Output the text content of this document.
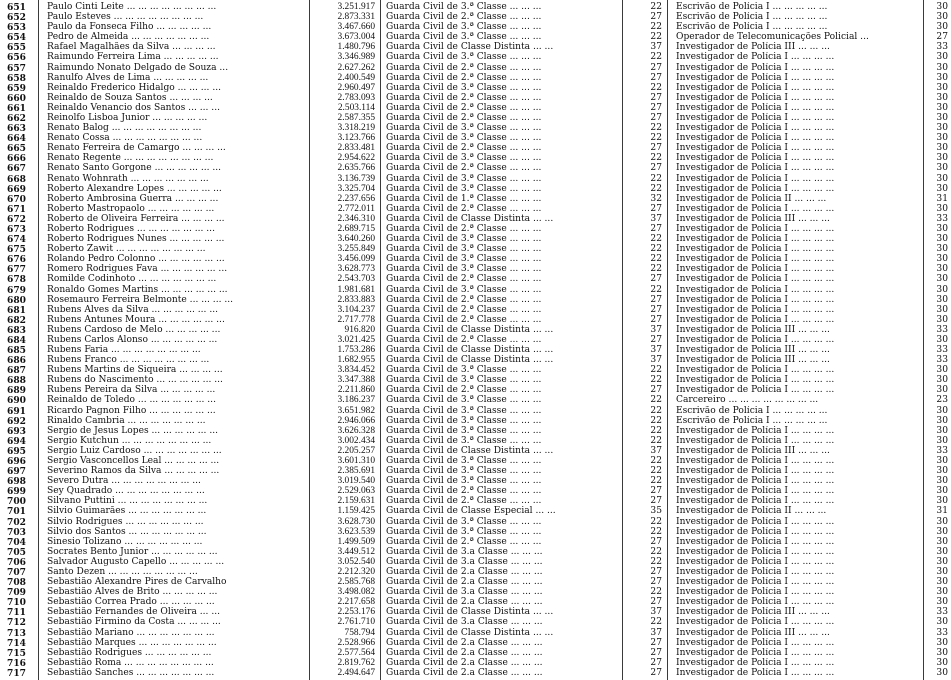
651 Paulo Cinti Leite ... ... ... ... ... ... ... ...	3.251.917 Guarda Civil de 3.ª Classe ... ... ...	22 Escrivão de Polícia I ... ... ... ... ...	30
652 Paulo Esteves ... ... ... ... ... ... ... ...	2.873.331 Guarda Civil de 2.ª Classe ... ... ...	27 Escrivão de Polícia I ... ... ... ... ...	30
653 Paulo da Fonseca Filho ... ... ... ... ...	3.467.660 Guarda Civil de 3.ª Classe ... ... ...	22 Escrivão de Polícia I ... ... ... ... ...	30
654 Pedro de Almeida ... ... ... ... ... ... ...	3.673.004 Guarda Civil de 3.ª Classe ... ... ...	22 Operador de Telecomunicações Policial ...	27
655 Rafael Magalhães da Silva ... ... ... ...	1.480.796 Guarda Civil de Classe Distinta ... ...	37 Investigador de Polícia III ... ... ...	33
656 Raimundo Ferreira Lima ... ... ... ... ...	3.346.989 Guarda Civil de 3.ª Classe ... ... ...	22 Investigador de Polícia I ... ... ... ...	30
657 Raimundo Nonato Delgado de Souza ...	2.627.262 Guarda Civil de 2.ª Classe ... ... ...	27 Investigador de Polícia I ... ... ... ...	30
658 Ranulfo Alves de Lima ... ... ... ... ...	2.400.549 Guarda Civil de 2.ª Classe ... ... ...	27 Investigador de Polícia I ... ... ... ...	30
659 Reinaldo Frederico Hidalgo ... ... ... ...	2.960.497 Guarda Civil de 3.ª Classe ... ... ...	22 Investigador de Polícia I ... ... ... ...	30
660 Reinaldo de Souza Santos ... ... ... ...	2.783.093 Guarda Civil de 2.ª Classe ... ... ...	27 Investigador de Polícia I ... ... ... ...	30
661 Reinaldo Venancio dos Santos ... ... ...	2.503.114 Guarda Civil de 2.ª Classe ... ... ...	27 Investigador de Polícia I ... ... ... ...	30
662 Reinolfo Lisboa Junior ... ... ... ... ...	2.587.355 Guarda Civil de 2.ª Classe ... ... ...	27 Investigador de Polícia I ... ... ... ...	30
663 Renato Balog ... ... ... ... ... ... ... ...	3.318.219 Guarda Civil de 3.ª Classe ... ... ...	22 Investigador de Polícia I ... ... ... ...	30
664 Renato Cossa ... ... ... ... ... ... ... ...	3.123.766 Guarda Civil de 3.ª Classe ... ... ...	22 Investigador de Polícia I ... ... ... ...	30
665 Renato Ferreira de Camargo ... ... ... ...	2.833.481 Guarda Civil de 2.ª Classe ... ... ...	27 Investigador de Polícia I ... ... ... ...	30
666 Renato Regente ... ... ... ... ... ... ... ...	2.954.622 Guarda Civil de 3.ª Classe ... ... ...	22 Investigador de Polícia I ... ... ... ...	30
667 Renato Santo Gorgone ... ... ... ... ... ...	2.635.766 Guarda Civil de 2.ª Classe ... ... ...	27 Investigador de Polícia I ... ... ... ...	30
668 Renato Wohnrath ... ... ... ... ... ... ...	3.136.739 Guarda Civil de 3.ª Classe ... ... ...	22 Investigador de Polícia I ... ... ... ...	30
669 Roberto Alexandre Lopes ... ... ... ... ...	3.325.704 Guarda Civil de 3.ª Classe ... ... ...	22 Investigador de Polícia I ... ... ... ...	30
670 Roberto Ambrosina Guerra ... ... ... ...	2.237.656 Guarda Civil de 1.ª Classe ... ... ...	32 Investigador de Polícia II ... ... ...	31
671 Roberto Mastropaolo ... ... ... ... ... ...	2.772.011 Guarda Civil de 2.ª Classe ... ... ...	27 Investigador de Polícia I ... ... ... ...	30
672 Roberto de Oliveira Ferreira ... ... ... ...	2.346.310 Guarda Civil de Classe Distinta ... ...	37 Investigador de Polícia III ... ... ...	33
673 Roberto Rodrigues ... ... ... ... ... ... ...	2.689.715 Guarda Civil de 2.ª Classe ... ... ...	27 Investigador de Polícia I ... ... ... ...	30
674 Roberto Rodrigues Nunes ... ... ... ... ...	3.640.260 Guarda Civil de 3.ª Classe ... ... ...	22 Investigador de Polícia I ... ... ... ...	30
675 Roberto Zawit ... ... ... ... ... ... ... ...	3.255.849 Guarda Civil de 3.ª Classe ... ... ...	22 Investigador de Polícia I ... ... ... ...	30
676 Rolando Pedro Colonno ... ... ... ... ... ...	3.456.099 Guarda Civil de 3.ª Classe ... ... ...	22 Investigador de Polícia I ... ... ... ...	30
677 Romero Rodrigues Fava ... ... ... ... ... ...	3.628.773 Guarda Civil de 3.ª Classe ... ... ...	22 Investigador de Polícia I ... ... ... ...	30
678 Romilde Codinhoto ... ... ... ... ... ... ...	2.543.703 Guarda Civil de 2.ª Classe ... ... ...	27 Investigador de Polícia I ... ... ... ...	30
679 Ronaldo Gomes Martins ... ... ... ... ... ...	1.981.681 Guarda Civil de 3.ª Classe ... ... ...	22 Investigador de Polícia I ... ... ... ...	30
680 Rosemauro Ferreira Belmonte ... ... ... ...	2.833.883 Guarda Civil de 2.ª Classe ... ... ...	27 Investigador de Polícia I ... ... ... ...	30
681 Rubens Alves da Silva ... ... ... ... ... ...	3.104.237 Guarda Civil de 2.ª Classe ... ... ...	27 Investigador de Polícia I ... ... ... ...	30
682 Rubens Antunes Moura ... ... ... ... ... ...	2.717.778 Guarda Civil de 2.ª Classe ... ... ...	27 Investigador de Polícia I ... ... ... ...	30
683 Rubens Cardoso de Melo ... ... ... ... ...	916.820 Guarda Civil de Classe Distinta ... ...	37 Investigador de Polícia III ... ... ...	33
684 Rubens Carlos Alonso ... ... ... ... ... ...	3.021.425 Guarda Civil de 2.ª Classe ... ... ...	27 Investigador de Polícia I ... ... ... ...	30
685 Rubens Faria ... ... ... ... ... ... ... ...	1.753.286 Guarda Civil de Classe Distinta ... ...	37 Investigador de Polícia III ... ... ...	33
686 Rubens Franco ... ... ... ... ... ... ... ...	1.682.955 Guarda Civil de Classe Distinta ... ...	37 Investigador de Polícia III ... ... ...	33
687 Rubens Martins de Siqueira ... ... ... ...	3.834.452 Guarda Civil de 3.ª Classe ... ... ...	22 Investigador de Polícia I ... ... ... ...	30
688 Rubens do Nascimento ... ... ... ... ... ...	3.347.388 Guarda Civil de 3.ª Classe ... ... ...	22 Investigador de Polícia I ... ... ... ...	30
689 Rubens Pereira da Silva ... ... ... ... ...	2.211.860 Guarda Civil de 2.ª Classe ... ... ...	27 Investigador de Polícia I ... ... ... ...	30
690 Reinaldo de Toledo ... ... ... ... ... ... ...	3.186.237 Guarda Civil de 3.ª Classe ... ... ...	22 Carcereiro ... ... ... ... ... ... ... ...	23
691 Ricardo Pagnon Filho ... ... ... ... ... ...	3.651.982 Guarda Civil de 3.ª Classe ... ... ...	22 Escrivão de Polícia I ... ... ... ... ...	30
692 Rinaldo Cambria ... ... ... ... ... ... ...	2.946.066 Guarda Civil de 3.ª Classe ... ... ...	22 Escrivão de Polícia I ... ... ... ... ...	30
693 Sergio de Jesus Lopes ... ... ... ... ... ...	3.626.328 Guarda Civil de 3.ª Classe ... ... ...	22 Investigador de Polícia I ... ... ... ...	30
694 Sergio Kutchun ... ... ... ... ... ... ... ...	3.002.434 Guarda Civil de 3.ª Classe ... ... ...	22 Investigador de Polícia I ... ... ... ...	30
695 Sergio Luiz Cardoso ... ... ... ... ... ... ...	2.205.257 Guarda Civil de Classe Distinta ... ...	37 Investigador de Polícia III ... ... ...	33
696 Sergio Vasconcellos Leal ... ... ... ... ...	3.601.310 Guarda Civil de 3.ª Classe ... ... ...	22 Investigador de Polícia I ... ... ... ...	30
697 Severino Ramos da Silva ... ... ... ... ...	2.385.691 Guarda Civil de 3.ª Classe ... ... ...	22 Investigador de Polícia I ... ... ... ...	30
698 Severo Dutra ... ... ... ... ... ... ... ...	3.019.540 Guarda Civil de 3.ª Classe ... ... ...	22 Investigador de Polícia I ... ... ... ...	30
699 Sey Quadrado ... ... ... ... ... ... ... ...	2.529.063 Guarda Civil de 2.ª Classe ... ... ...	27 Investigador de Polícia I ... ... ... ...	30
700 Silvano Puttini ... ... ... ... ... ... ... ...	2.159.631 Guarda Civil de 2.ª Classe ... ... ...	27 Investigador de Polícia I ... ... ... ...	30
701 Silvio Guimarães ... ... ... ... ... ... ...	1.159.425 Guarda Civil de Classe Especial ... ...	35 Investigador de Polícia II ... ... ...	31
702 Silvio Rodrigues ... ... ... ... ... ... ...	3.628.730 Guarda Civil de 3.ª Classe ... ... ...	22 Investigador de Polícia I ... ... ... ...	30
703 Silvio dos Santos ... ... ... ... ... ... ...	3.623.539 Guarda Civil de 3.ª Classe ... ... ...	22 Investigador de Polícia I ... ... ... ...	30
704 Sinesio Tolizano ... ... ... ... ... ... ...	1.499.509 Guarda Civil de 2.ª Classe ... ... ...	27 Investigador de Polícia I ... ... ... ...	30
705 Socrates Bento Junior ... ... ... ... ... ...	3.449.512 Guarda Civil de 3.a Classe ... ... ...	22 Investigador de Polícia I ... ... ... ...	30
706 Salvador Augusto Capello ... ... ... ... ...	3.052.540 Guarda Civil de 3.a Classe ... ... ...	22 Investigador de Polícia I ... ... ... ...	30
707 Santo Dezen ... ... ... ... ... ... ... ...	2.212.320 Guarda Civil de 2.a Classe ... ... ...	27 Investigador de Polícia I ... ... ... ...	30
708 Sebastião Alexandre Pires de Carvalho	2.585.768 Guarda Civil de 2.a Classe ... ... ...	27 Investigador de Polícia I ... ... ... ...	30
709 Sebastião Alves de Brito ... ... ... ... ...	3.498.082 Guarda Civil de 3.a Classe ... ... ...	22 Investigador de Polícia I ... ... ... ...	30
710 Sebastião Correa Prado ... ... ... ... ...	2.217.658 Guarda Civil de 2.a Classe ... ... ...	27 Investigador de Polícia I ... ... ... ...	30
711 Sebastião Fernandes de Oliveira ... ...	2.253.176 Guarda Civil de Classe Distinta ... ...	37 Investigador de Polícia III ... ... ...	33
712 Sebastião Firmino da Costa ... ... ... ...	2.761.710 Guarda Civil de 3.a Classe ... ... ...	22 Investigador de Polícia I ... ... ... ...	30
713 Sebastião Mariano ... ... ... ... ... ... ...	758.794 Guarda Civil de Classe Distinta ... ...	37 Investigador de Polícia III ... ... ...	33
714 Sebastião Marques ... ... ... ... ... ... ...	2.528.966 Guarda Civil de 2.a Classe ... ... ...	27 Investigador de Polícia I ... ... ... ...	30
715 Sebastião Rodrigues ... ... ... ... ... ...	2.577.564 Guarda Civil de 2.a Classe ... ... ...	27 Investigador de Polícia I ... ... ... ...	30
716 Sebastião Roma ... ... ... ... ... ... ... ...	2.819.762 Guarda Civil de 2.a Classe ... ... ...	27 Investigador de Polícia I ... ... ... ...	30
717 Sebastião Sanches ... ... ... ... ... ... ...	2.494.647 Guarda Civil de 2.a Classe ... ... ...	27 Investigador de Polícia I ... ... ... ...	30
